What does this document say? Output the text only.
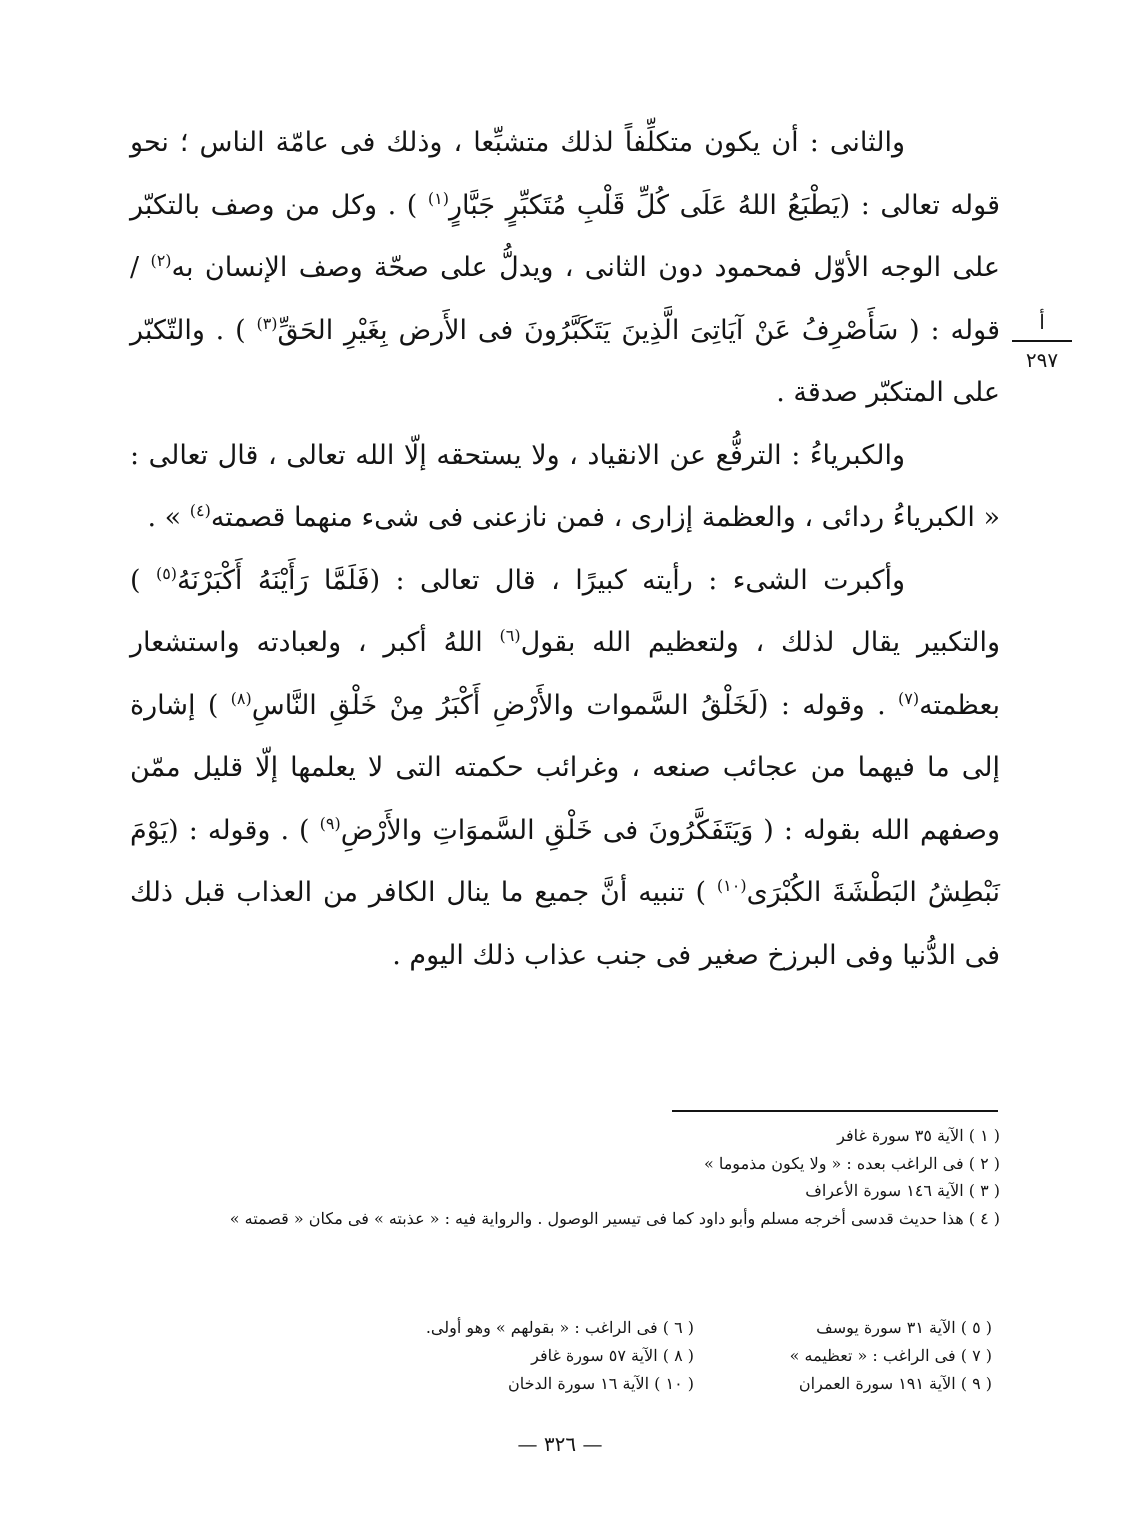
أ
٢٩٧

والثانى : أن يكون متكلِّفاً لذلك متشبِّعا ، وذلك فى عامّة الناس ؛ نحو قوله تعالى : (يَطْبَعُ اللهُ عَلَى كُلِّ قَلْبِ مُتَكبِّرٍ جَبَّارٍ$^{(١)}$ ) . وكل من وصف بالتكبّر على الوجه الأوّل فمحمود دون الثانى ، ويدلُّ على صحّة وصف الإنسان به$^{(٢)}$ / قوله : ( سَأَصْرِفُ عَنْ آيَاتِىَ الَّذِينَ يَتَكَبَّرُونَ فى الأَرض بِغَيْرِ الحَقِّ$^{(٣)}$ ) . والتّكبّر على المتكبّر صدقة .

والكبرياءُ : الترفُّع عن الانقياد ، ولا يستحقه إلّا الله تعالى ، قال تعالى : « الكبرياءُ ردائى ، والعظمة إزارى ، فمن نازعنى فى شىء منهما قصمته$^{(٤)}$ » .

وأكبرت الشىء : رأيته كبيرًا ، قال تعالى : (فَلَمَّا رَأَيْنَهُ أَكْبَرْنَهُ$^{(٥)}$ ) والتكبير يقال لذلك ، ولتعظيم الله بقول$^{(٦)}$ اللهُ أكبر ، ولعبادته واستشعار بعظمته$^{(٧)}$ . وقوله : (لَخَلْقُ السَّموات والأَرْضِ أَكْبَرُ مِنْ خَلْقِ النَّاسِ$^{(٨)}$ ) إشارة إلى ما فيهما من عجائب صنعه ، وغرائب حكمته التى لا يعلمها إلّا قليل ممّن وصفهم الله بقوله : ( وَيَتَفَكَّرُونَ فى خَلْقِ السَّموَاتِ والأَرْضِ$^{(٩)}$ ) . وقوله : (يَوْمَ نَبْطِشُ البَطْشَةَ الكُبْرَى$^{(١٠)}$ ) تنبيه أنَّ جميع ما ينال الكافر من العذاب قبل ذلك فى الدُّنيا وفى البرزخ صغير فى جنب عذاب ذلك اليوم .

( ١ ) الآية ٣٥ سورة غافر

( ٢ ) فى الراغب بعده : « ولا يكون مذموما »

( ٣ ) الآية ١٤٦ سورة الأعراف

( ٤ ) هذا حديث قدسى أخرجه مسلم وأبو داود كما فى تيسير الوصول . والرواية فيه : « عذبته » فى مكان « قصمته »

( ٥ ) الآية ٣١ سورة يوسف
( ٦ ) فى الراغب : « بقولهم » وهو أولى.
( ٧ ) فى الراغب : « تعظيمه »
( ٨ ) الآية ٥٧ سورة غافر
( ٩ ) الآية ١٩١ سورة العمران
( ١٠ ) الآية ١٦ سورة الدخان
— ٣٢٦ —
